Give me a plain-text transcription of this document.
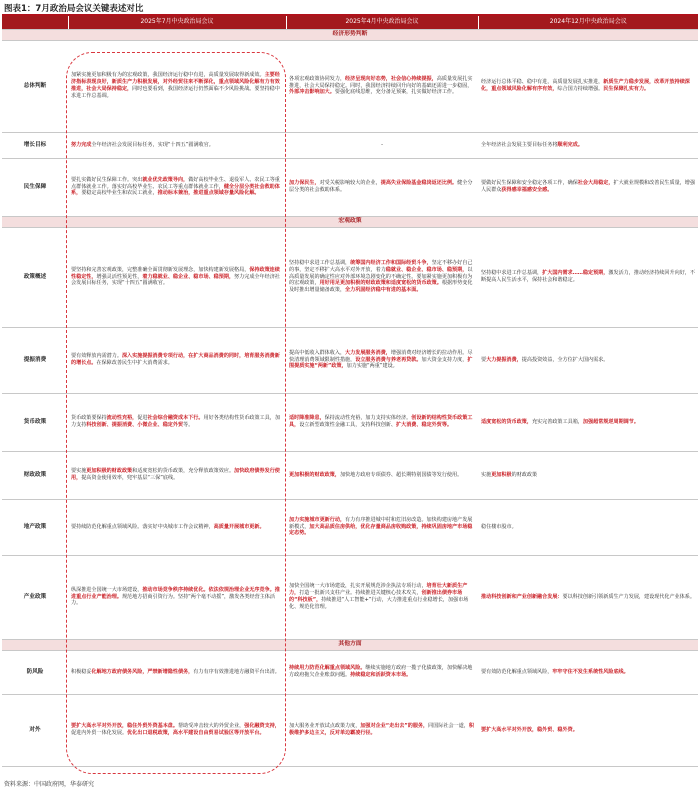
图表1：7月政治局会议关键表述对比
	2025年7月中央政治局会议	2025年4月中央政治局会议	2024年12月中央政治局会议
经济形势判断			
总体判断	加紧实施更加积极有为的宏观政策，我国经济运行稳中有进，高质量发展取得新成效。主要经济指标表现良好，新质生产力积极发展，对外经贸往来不断深化，重点领域风险化解有力有效推进，社会大局保持稳定，同时也要看到，我国经济运行仍然面临不少风险挑战。要坚持稳中求进工作总基调。	各项宏观政策协同发力，经济呈现向好态势，社会信心持续提振，高质量发展扎实推进，社会大局保持稳定。同时，我国经济持续回升向好的基础还需进一步稳固，外部冲击影响加大。要强化底线思维，充分备足预案，扎实做好经济工作。	经济运行总体平稳、稳中有进，高质量发展扎实推进，新质生产力稳步发展，改革开放持续深化，重点领域风险化解有序有效，综合国力持续增强。民生保障扎实有力。
增长目标	努力完成全年经济社会发展目标任务，实现“十四五”圆满收官。	-	全年经济社会发展主要目标任务将顺利完成。
民生保障	要扎实做好民生保障工作。突出就业优先政策导向，做好高校毕业生、退役军人、农民工等重点群体就业工作。落实好高校毕业生、农民工等重点群体就业工作，健全分层分类社会救助体系，要稳定高校毕业生和农民工就业，推动标本兼治，推进重点领域存量风险化解。	加力保民生，对受关税影响较大的企业，提高失业保险基金稳岗返还比例。健全分层分类的社会救助体系。	要做好民生保障和安全稳定各项工作，确保社会大局稳定，扩大就业规模和改善民生质量，增强人民群众获得感幸福感安全感。
宏观政策			
政策概述	要坚持和完善宏观政策，完整准确全面贯彻新发展理念，加快构建新发展格局，保持政策连续性稳定性，增强灵活性预见性，着力稳就业、稳企业、稳市场、稳预期，努力完成全年经济社会发展目标任务，实现“十四五”圆满收官。	坚持稳中求进工作总基调，统筹国内经济工作和国际经贸斗争，坚定不移办好自己的事，坚定不移扩大高水平对外开放，着力稳就业、稳企业、稳市场、稳预期，以高质量发展的确定性应对外部环境急剧变化的不确定性。要加紧实施更加积极有为的宏观政策，用好用足更加积极的财政政策和适度宽松的货币政策。根据形势变化及时推出增量储备政策，全力巩固经济稳中有进的基本面。	坚持稳中求进工作总基调，扩大国内需求……稳定预期，激发活力，推动经济持续回升向好，不断提高人民生活水平，保持社会和谐稳定。
提振消费	要有效释放内需潜力。深入实施提振消费专项行动，在扩大商品消费的同时，培育服务消费新的增长点。在保障改善民生中扩大消费需求。	提高中低收入群体收入，大力发展服务消费，增强消费对经济增长的拉动作用。尽快清理消费领域限制性措施，设立服务消费与养老再贷款。加大资金支持力度，扩围提质实施“两新”政策，加力实施“两重”建设。	要大力提振消费，提高投资效益，全方位扩大国内需求。
货币政策	货币政策要保持流动性充裕，促进社会综合融资成本下行。用好各类结构性货币政策工具，加力支持科技创新、提振消费、小微企业、稳定外贸等。	适时降准降息，保持流动性充裕，加力支持实体经济。创设新的结构性货币政策工具，设立新型政策性金融工具，支持科技创新、扩大消费、稳定外贸等。	适度宽松的货币政策，充实完善政策工具箱，加强超常规逆周期调节。
财政政策	要实施更加积极的财政政策和适度宽松的货币政策，充分释放政策效应。加快政府债券发行使用，提高资金使用效率，兜牢基层“三保”底线。	更加积极的财政政策，加快地方政府专项债券、超长期特别国债等发行使用。	实施更加积极的财政政策
地产政策	要持续防范化解重点领域风险。落实好中央城市工作会议精神，高质量开展城市更新。	加力实施城市更新行动，有力有序推进城中村和危旧房改造。加快构建房地产发展新模式，加大高品质住房供给，优化存量商品房收购政策，持续巩固房地产市场稳定态势。	稳住楼市股市。
产业政策	纵深推进全国统一大市场建设，推动市场竞争秩序持续优化。依法依规治理企业无序竞争。推进重点行业产能治理。规范地方招商引资行为。坚持“两个毫不动摇”，激发各类经营主体活力。	加快全国统一大市场建设，扎实开展规范涉企执法专项行动，培育壮大新质生产力，打造一批新兴支柱产业。持续推进关键核心技术攻关，创新推出债券市场的“科技板”，持续推进“人工智能+”行动，大力推进重点行业稳增长，加强市场化、规范化管理。	推动科技创新和产业创新融合发展：要以科技创新引领新质生产力发展，建设现代化产业体系。
其他方面			
防风险	积极稳妥化解地方政府债务风险，严禁新增隐性债务，有力有序有效推进地方融资平台出清。	持续用力防范化解重点领域风险。继续实施地方政府一揽子化债政策，加快解决地方政府拖欠企业账款问题。持续稳定和活跃资本市场。	要有效防范化解重点领域风险，牢牢守住不发生系统性风险底线。
对外	要扩大高水平对外开放，稳住外贸外资基本盘。帮助受冲击较大的外贸企业，强化融资支持，促进内外贸一体化发展。优化出口退税政策，高水平建设自由贸易试验区等开放平台。	加大服务业开放试点政策力度，加强对企业“走出去”的服务，同国际社会一道，积极维护多边主义，反对单边霸凌行径。	要扩大高水平对外开放，稳外贸、稳外资。
资料来源：中国政府网，华泰研究
